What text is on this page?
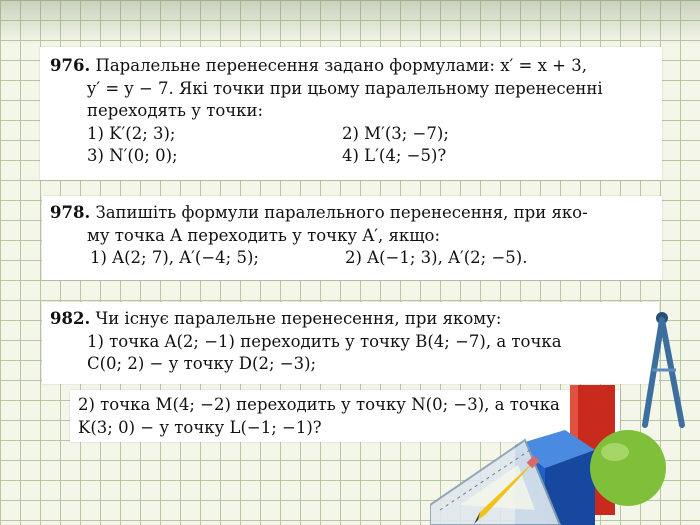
976. Паралельне перенесення задано формулами: x′ = x + 3,
y′ = y − 7. Які точки при цьому паралельному перенесенні
переходять у точки:
1) K′(2; 3);	2) M′(3; −7);
3) N′(0; 0);	4) L′(4; −5)?
978. Запишіть формули паралельного перенесення, при яко-
му точка A переходить у точку A′, якщо:
1) A(2; 7), A′(−4; 5);	2) A(−1; 3), A′(2; −5).
982. Чи існує паралельне перенесення, при якому:
1) точка A(2; −1) переходить у точку B(4; −7), а точка
C(0; 2) − у точку D(2; −3);
2) точка M(4; −2) переходить у точку N(0; −3), а точка
K(3; 0) − у точку L(−1; −1)?
